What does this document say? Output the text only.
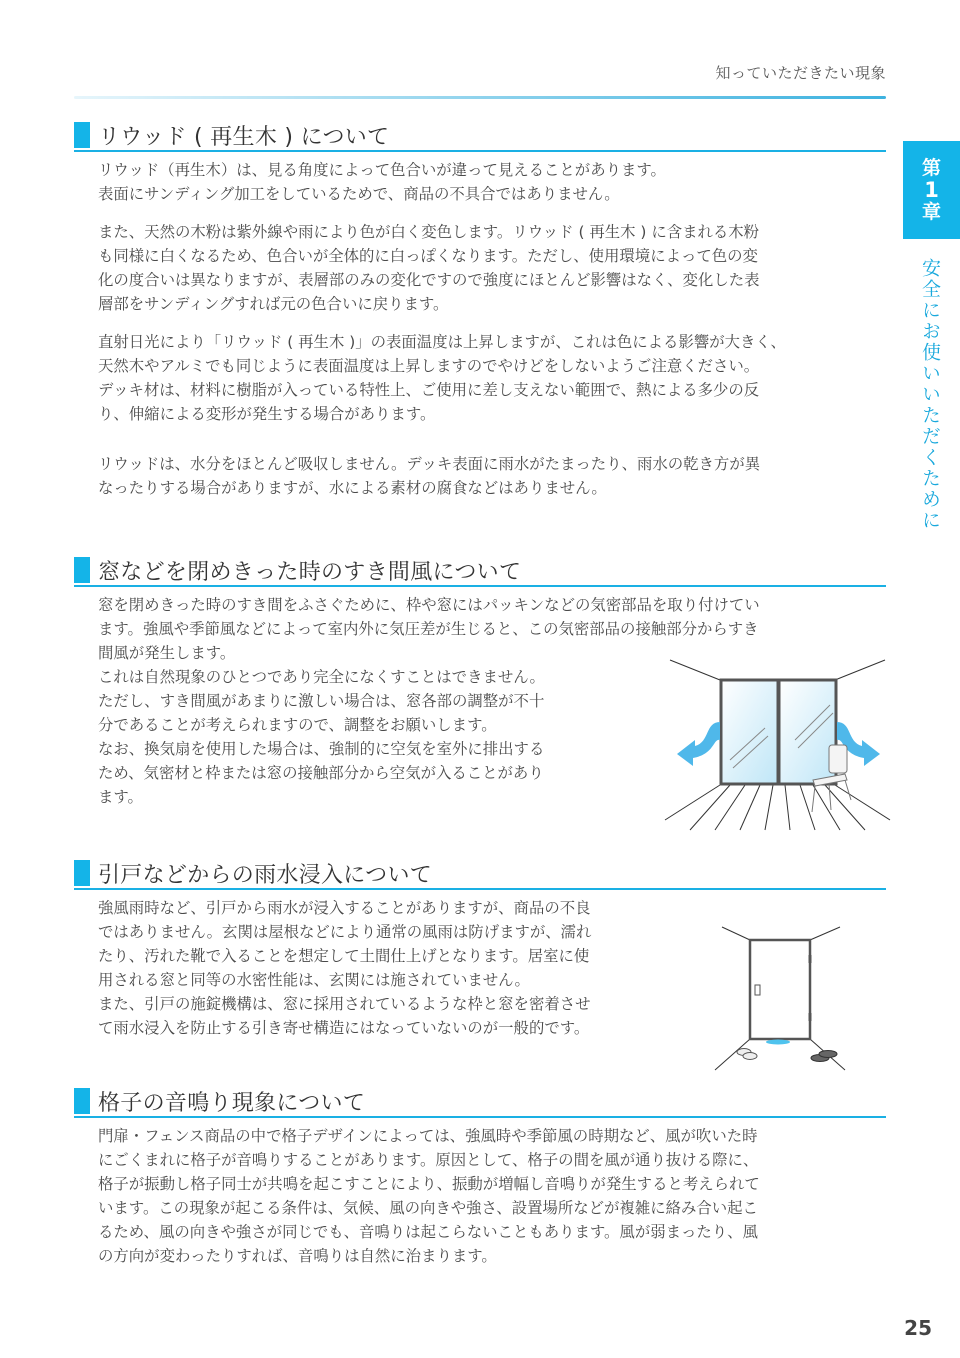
知っていただきたい現象
第
1
章
安全にお使いいただくために
リウッド ( 再生木 ) について

リウッド（再生木）は、見る角度によって色合いが違って見えることがあります。
表面にサンディング加工をしているためで、商品の不具合ではありません。

また、天然の木粉は紫外線や雨により色が白く変色します。リウッド ( 再生木 ) に含まれる木粉
も同様に白くなるため、色合いが全体的に白っぽくなります。ただし、使用環境によって色の変
化の度合いは異なりますが、表層部のみの変化ですので強度にほとんど影響はなく、変化した表
層部をサンディングすれば元の色合いに戻ります。

直射日光により「リウッド ( 再生木 )」の表面温度は上昇しますが、これは色による影響が大きく、
天然木やアルミでも同じように表面温度は上昇しますのでやけどをしないようご注意ください。
デッキ材は、材料に樹脂が入っている特性上、ご使用に差し支えない範囲で、熱による多少の反
り、伸縮による変形が発生する場合があります。

リウッドは、水分をほとんど吸収しません。デッキ表面に雨水がたまったり、雨水の乾き方が異
なったりする場合がありますが、水による素材の腐食などはありません。

窓などを閉めきった時のすき間風について

窓を閉めきった時のすき間をふさぐために、枠や窓にはパッキンなどの気密部品を取り付けてい
ます。強風や季節風などによって室内外に気圧差が生じると、この気密部品の接触部分からすき
間風が発生します。
これは自然現象のひとつであり完全になくすことはできません。
ただし、すき間風があまりに激しい場合は、窓各部の調整が不十
分であることが考えられますので、調整をお願いします。
なお、換気扇を使用した場合は、強制的に空気を室外に排出する
ため、気密材と枠または窓の接触部分から空気が入ることがあり
ます。

引戸などからの雨水浸入について

強風雨時など、引戸から雨水が浸入することがありますが、商品の不良
ではありません。玄関は屋根などにより通常の風雨は防げますが、濡れ
たり、汚れた靴で入ることを想定して土間仕上げとなります。居室に使
用される窓と同等の水密性能は、玄関には施されていません。
また、引戸の施錠機構は、窓に採用されているような枠と窓を密着させ
て雨水浸入を防止する引き寄せ構造にはなっていないのが一般的です。

格子の音鳴り現象について

門扉・フェンス商品の中で格子デザインによっては、強風時や季節風の時期など、風が吹いた時
にごくまれに格子が音鳴りすることがあります。原因として、格子の間を風が通り抜ける際に、
格子が振動し格子同士が共鳴を起こすことにより、振動が増幅し音鳴りが発生すると考えられて
います。この現象が起こる条件は、気候、風の向きや強さ、設置場所などが複雑に絡み合い起こ
るため、風の向きや強さが同じでも、音鳴りは起こらないこともあります。風が弱まったり、風
の方向が変わったりすれば、音鳴りは自然に治まります。

25
